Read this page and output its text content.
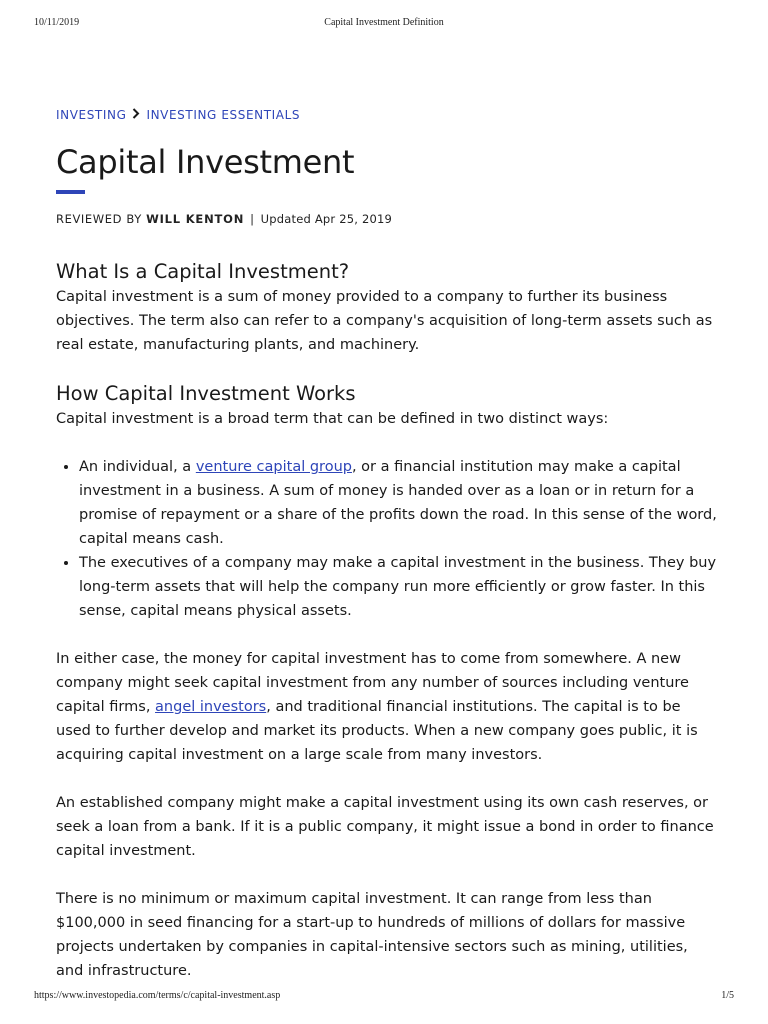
10/11/2019	Capital Investment Definition
INVESTING INVESTING ESSENTIALS
Capital Investment
REVIEWED BY WILL KENTON | Updated Apr 25, 2019
What Is a Capital Investment?

Capital investment is a sum of money provided to a company to further its business objectives. The term also can refer to a company's acquisition of long-term assets such as real estate, manufacturing plants, and machinery.

How Capital Investment Works

Capital investment is a broad term that can be defined in two distinct ways:

• An individual, a venture capital group, or a financial institution may make a capital investment in a business. A sum of money is handed over as a loan or in return for a promise of repayment or a share of the profits down the road. In this sense of the word, capital means cash.
• The executives of a company may make a capital investment in the business. They buy long-term assets that will help the company run more efficiently or grow faster. In this sense, capital means physical assets.

In either case, the money for capital investment has to come from somewhere. A new company might seek capital investment from any number of sources including venture capital firms, angel investors, and traditional financial institutions. The capital is to be used to further develop and market its products. When a new company goes public, it is acquiring capital investment on a large scale from many investors.

An established company might make a capital investment using its own cash reserves, or seek a loan from a bank. If it is a public company, it might issue a bond in order to finance capital investment.

There is no minimum or maximum capital investment. It can range from less than $100,000 in seed financing for a start-up to hundreds of millions of dollars for massive projects undertaken by companies in capital-intensive sectors such as mining, utilities, and infrastructure.

https://www.investopedia.com/terms/c/capital-investment.asp	1/5
